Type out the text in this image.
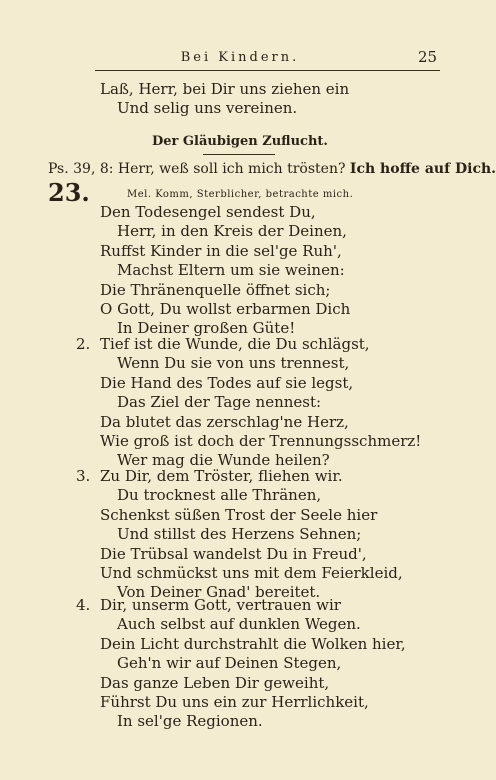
Bei Kindern.	25
Laß, Herr, bei Dir uns ziehen ein
Und selig uns vereinen.
Der Gläubigen Zuflucht.
Ps. 39, 8: Herr, weß soll ich mich trösten? Ich hoffe auf Dich.
23.	Mel. Komm, Sterblicher, betrachte mich.
Den Todesengel sendest Du,
Herr, in den Kreis der Deinen,
Ruffst Kinder in die sel'ge Ruh',
Machst Eltern um sie weinen:
Die Thränenquelle öffnet sich;
O Gott, Du wollst erbarmen Dich
In Deiner großen Güte!
2. Tief ist die Wunde, die Du schlägst,
Wenn Du sie von uns trennest,
Die Hand des Todes auf sie legst,
Das Ziel der Tage nennest:
Da blutet das zerschlag'ne Herz,
Wie groß ist doch der Trennungsschmerz!
Wer mag die Wunde heilen?
3. Zu Dir, dem Tröster, fliehen wir.
Du trocknest alle Thränen,
Schenkst süßen Trost der Seele hier
Und stillst des Herzens Sehnen;
Die Trübsal wandelst Du in Freud',
Und schmückst uns mit dem Feierkleid,
Von Deiner Gnad' bereitet.
4. Dir, unserm Gott, vertrauen wir
Auch selbst auf dunklen Wegen.
Dein Licht durchstrahlt die Wolken hier,
Geh'n wir auf Deinen Stegen,
Das ganze Leben Dir geweiht,
Führst Du uns ein zur Herrlichkeit,
In sel'ge Regionen.
